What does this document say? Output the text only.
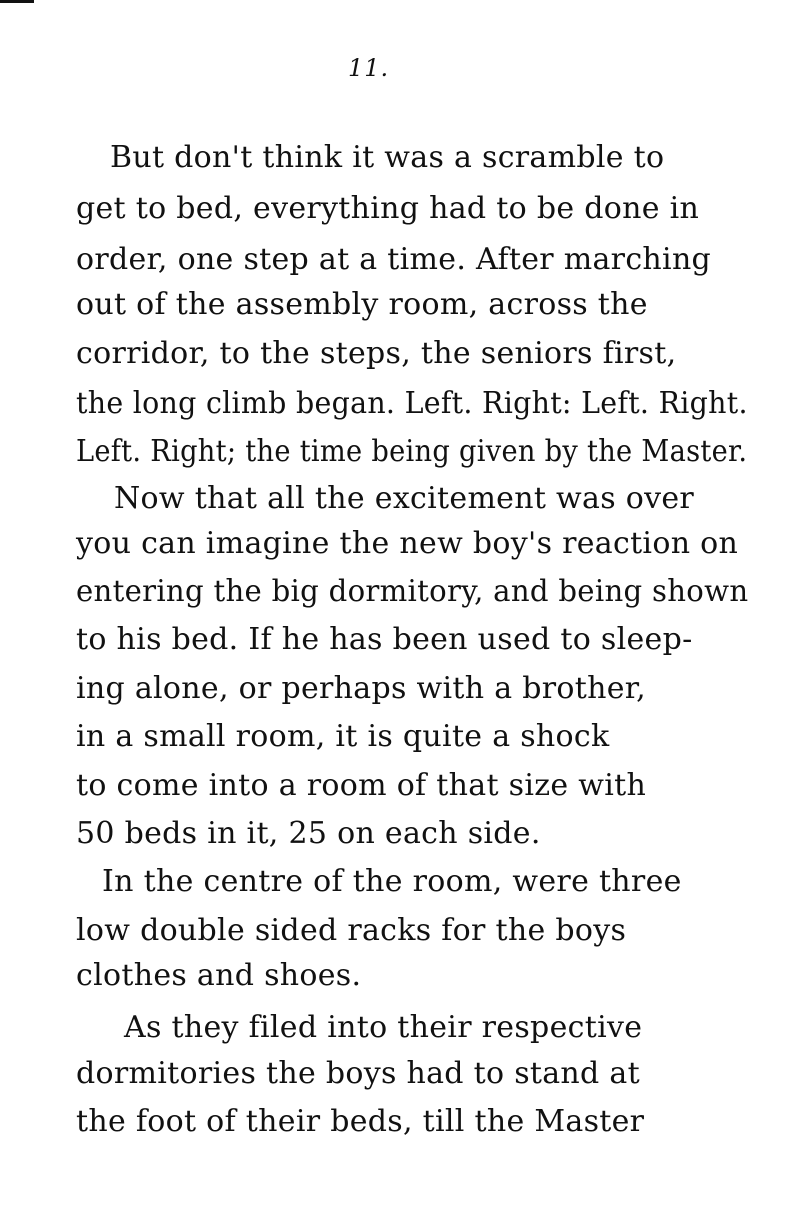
11.
But don't think it was a scramble to
get to bed, everything had to be done in
order, one step at a time. After marching
out of the assembly room, across the
corridor, to the steps, the seniors first,
the long climb began. Left. Right: Left. Right.
Left. Right; the time being given by the Master.
Now that all the excitement was over
you can imagine the new boy's reaction on
entering the big dormitory, and being shown
to his bed. If he has been used to sleep-
ing alone, or perhaps with a brother,
in a small room, it is quite a shock
to come into a room of that size with
50 beds in it, 25 on each side.
In the centre of the room, were three
low double sided racks for the boys
clothes and shoes.
As they filed into their respective
dormitories the boys had to stand at
the foot of their beds, till the Master
